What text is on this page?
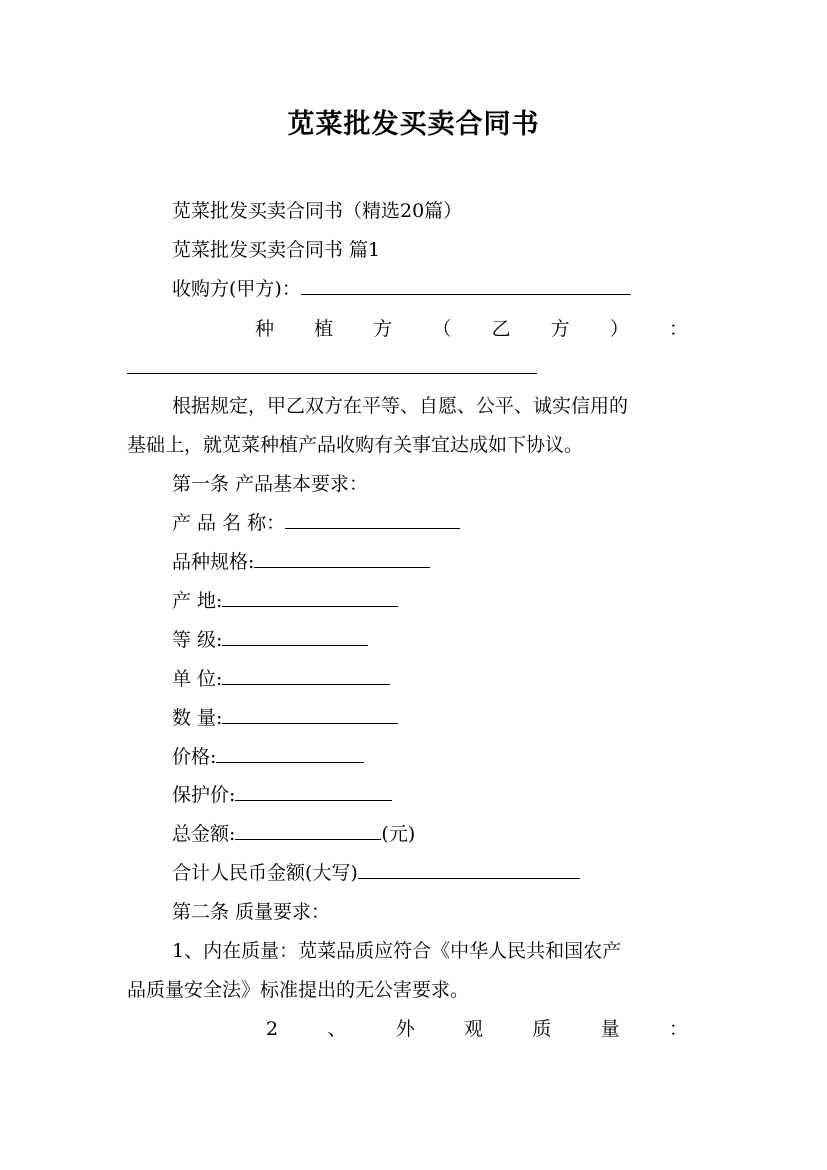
苋菜批发买卖合同书
苋菜批发买卖合同书（精选20篇）
苋菜批发买卖合同书 篇1
收购方(甲方)：
种 植 方 （ 乙 方 ） ：
根据规定，甲乙双方在平等、自愿、公平、诚实信用的
基础上，就苋菜种植产品收购有关事宜达成如下协议。
第一条 产品基本要求：
产 品 名 称：
品种规格:
产 地:
等 级:
单 位:
数 量:
价格:
保护价:
总金额:	(元)
合计人民币金额(大写)
第二条 质量要求：
1、内在质量：苋菜品质应符合《中华人民共和国农产
品质量安全法》标准提出的无公害要求。
2	、	外	观	质	量	：
